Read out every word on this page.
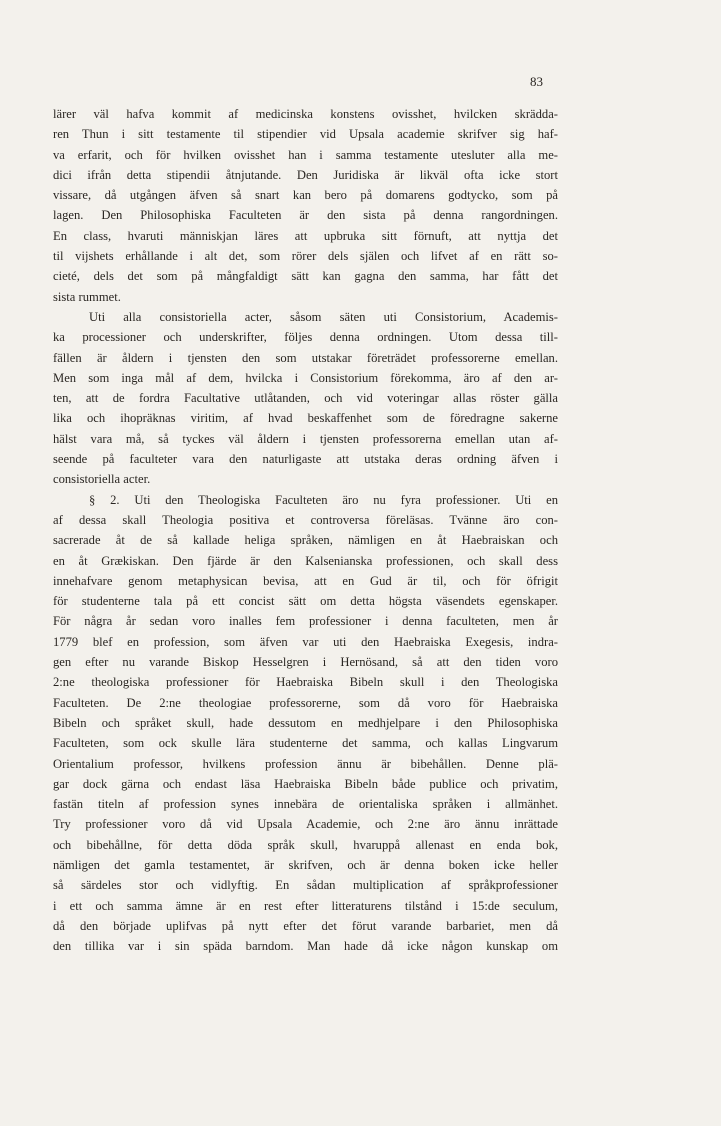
83
lärer väl hafva kommit af medicinska konstens ovisshet, hvilcken skrädda-
ren Thun i sitt testamente til stipendier vid Upsala academie skrifver sig haf-
va erfarit, och för hvilken ovisshet han i samma testamente utesluter alla me-
dici ifrån detta stipendii åtnjutande. Den Juridiska är likväl ofta icke stort
vissare, då utgången äfven så snart kan bero på domarens godtycko, som på
lagen. Den Philosophiska Faculteten är den sista på denna rangordningen.
En class, hvaruti människjan läres att upbruka sitt förnuft, att nyttja det
til vijshets erhållande i alt det, som rörer dels själen och lifvet af en rätt so-
cieté, dels det som på mångfaldigt sätt kan gagna den samma, har fått det
sista rummet.
Uti alla consistoriella acter, såsom säten uti Consistorium, Academis-
ka processioner och underskrifter, följes denna ordningen. Utom dessa till-
fällen är åldern i tjensten den som utstakar företrädet professorerne emellan.
Men som inga mål af dem, hvilcka i Consistorium förekomma, äro af den ar-
ten, att de fordra Facultative utlåtanden, och vid voteringar allas röster gälla
lika och ihopräknas viritim, af hvad beskaffenhet som de föredragne sakerne
hälst vara må, så tyckes väl åldern i tjensten professorerna emellan utan af-
seende på faculteter vara den naturligaste att utstaka deras ordning äfven i
consistoriella acter.
§ 2. Uti den Theologiska Faculteten äro nu fyra professioner. Uti en
af dessa skall Theologia positiva et controversa föreläsas. Tvänne äro con-
sacrerade åt de så kallade heliga språken, nämligen en åt Haebraiskan och
en åt Grækiskan. Den fjärde är den Kalsenianska professionen, och skall dess
innehafvare genom metaphysican bevisa, att en Gud är til, och för öfrigit
för studenterne tala på ett concist sätt om detta högsta väsendets egenskaper.
För några år sedan voro inalles fem professioner i denna faculteten, men år
1779 blef en profession, som äfven var uti den Haebraiska Exegesis, indra-
gen efter nu varande Biskop Hesselgren i Hernösand, så att den tiden voro
2:ne theologiska professioner för Haebraiska Bibeln skull i den Theologiska
Faculteten. De 2:ne theologiae professorerne, som då voro för Haebraiska
Bibeln och språket skull, hade dessutom en medhjelpare i den Philosophiska
Faculteten, som ock skulle lära studenterne det samma, och kallas Lingvarum
Orientalium professor, hvilkens profession ännu är bibehållen. Denne plä-
gar dock gärna och endast läsa Haebraiska Bibeln både publice och privatim,
fastän titeln af profession synes innebära de orientaliska språken i allmänhet.
Try professioner voro då vid Upsala Academie, och 2:ne äro ännu inrättade
och bibehållne, för detta döda språk skull, hvaruppå allenast en enda bok,
nämligen det gamla testamentet, är skrifven, och är denna boken icke heller
så särdeles stor och vidlyftig. En sådan multiplication af språkprofessioner
i ett och samma ämne är en rest efter litteraturens tilstånd i 15:de seculum,
då den började uplifvas på nytt efter det förut varande barbariet, men då
den tillika var i sin späda barndom. Man hade då icke någon kunskap om
